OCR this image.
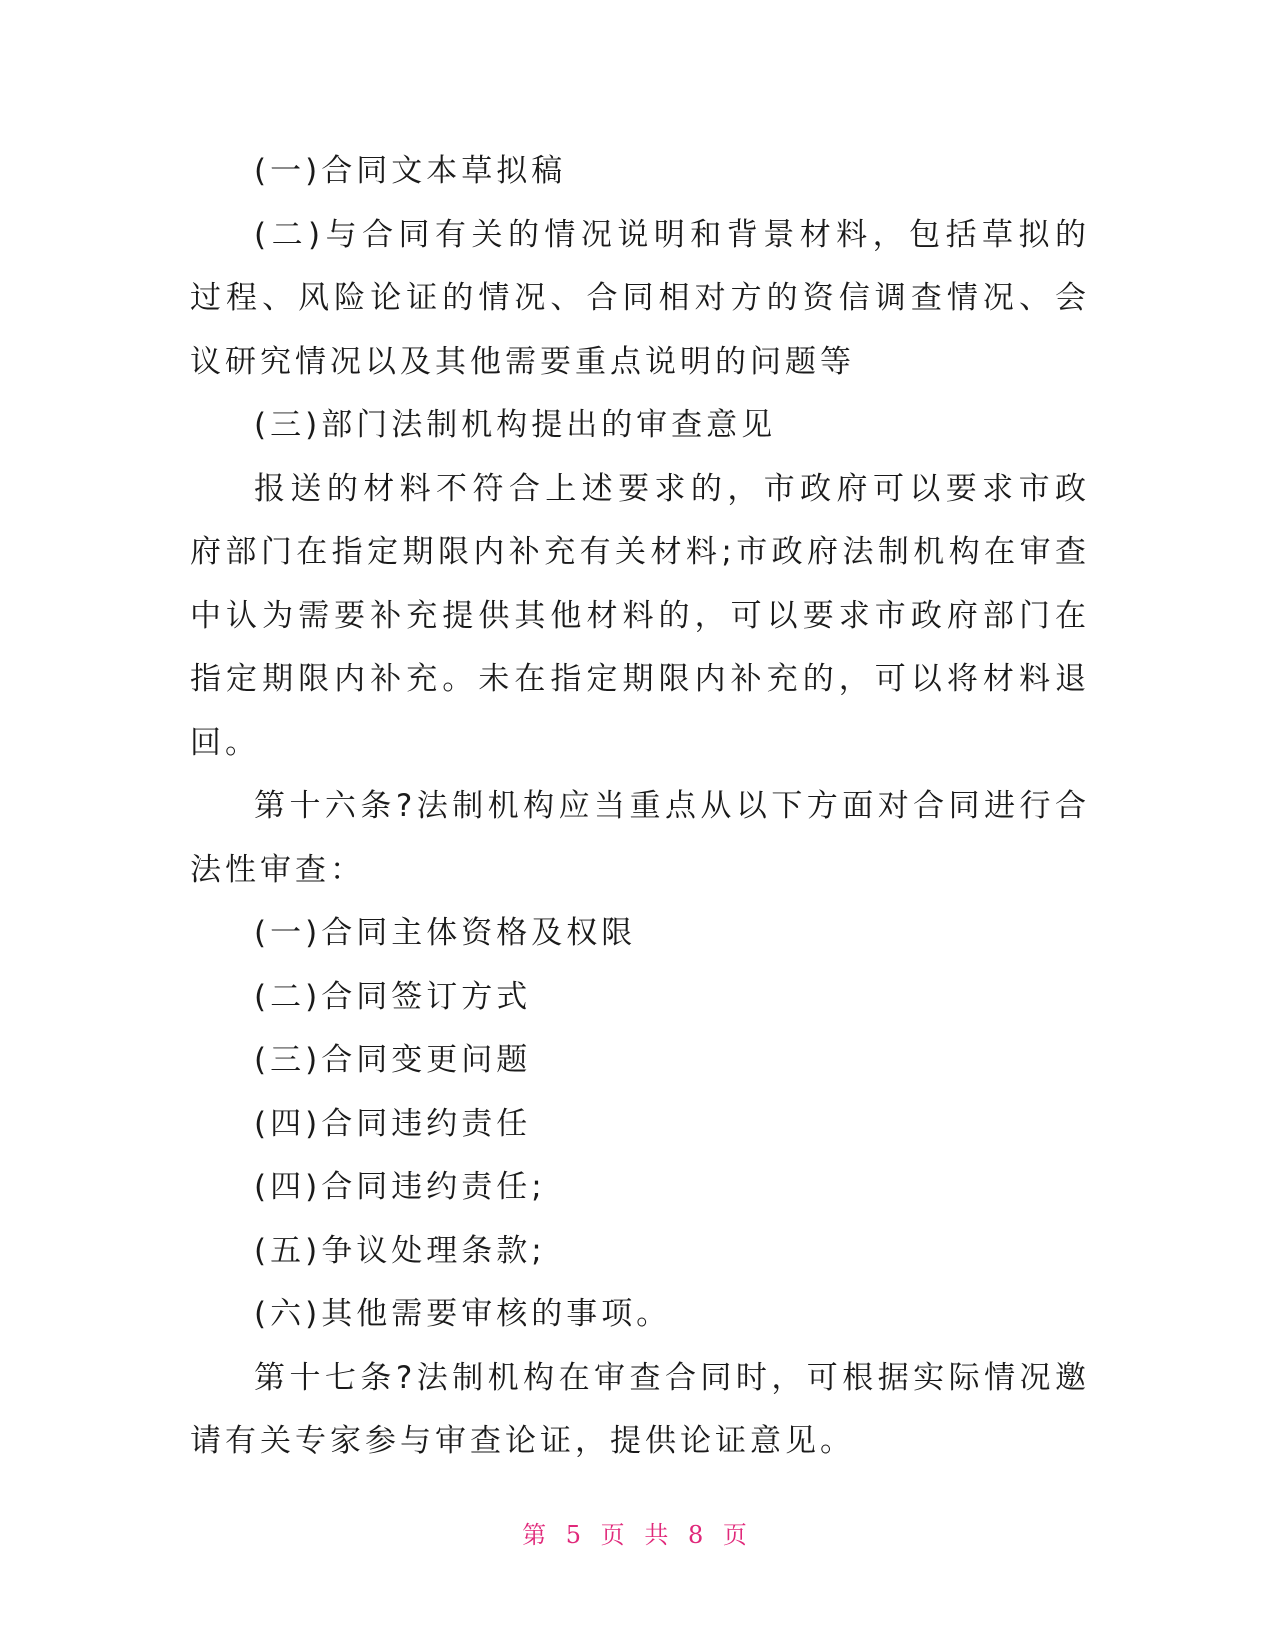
(一)合同文本草拟稿

(二)与合同有关的情况说明和背景材料，包括草拟的过程、风险论证的情况、合同相对方的资信调查情况、会议研究情况以及其他需要重点说明的问题等

(三)部门法制机构提出的审查意见

报送的材料不符合上述要求的，市政府可以要求市政府部门在指定期限内补充有关材料;市政府法制机构在审查中认为需要补充提供其他材料的，可以要求市政府部门在指定期限内补充。未在指定期限内补充的，可以将材料退回。

第十六条?法制机构应当重点从以下方面对合同进行合法性审查：

(一)合同主体资格及权限

(二)合同签订方式

(三)合同变更问题

(四)合同违约责任

(四)合同违约责任;

(五)争议处理条款;

(六)其他需要审核的事项。

第十七条?法制机构在审查合同时，可根据实际情况邀请有关专家参与审查论证，提供论证意见。

第 5 页 共 8 页
